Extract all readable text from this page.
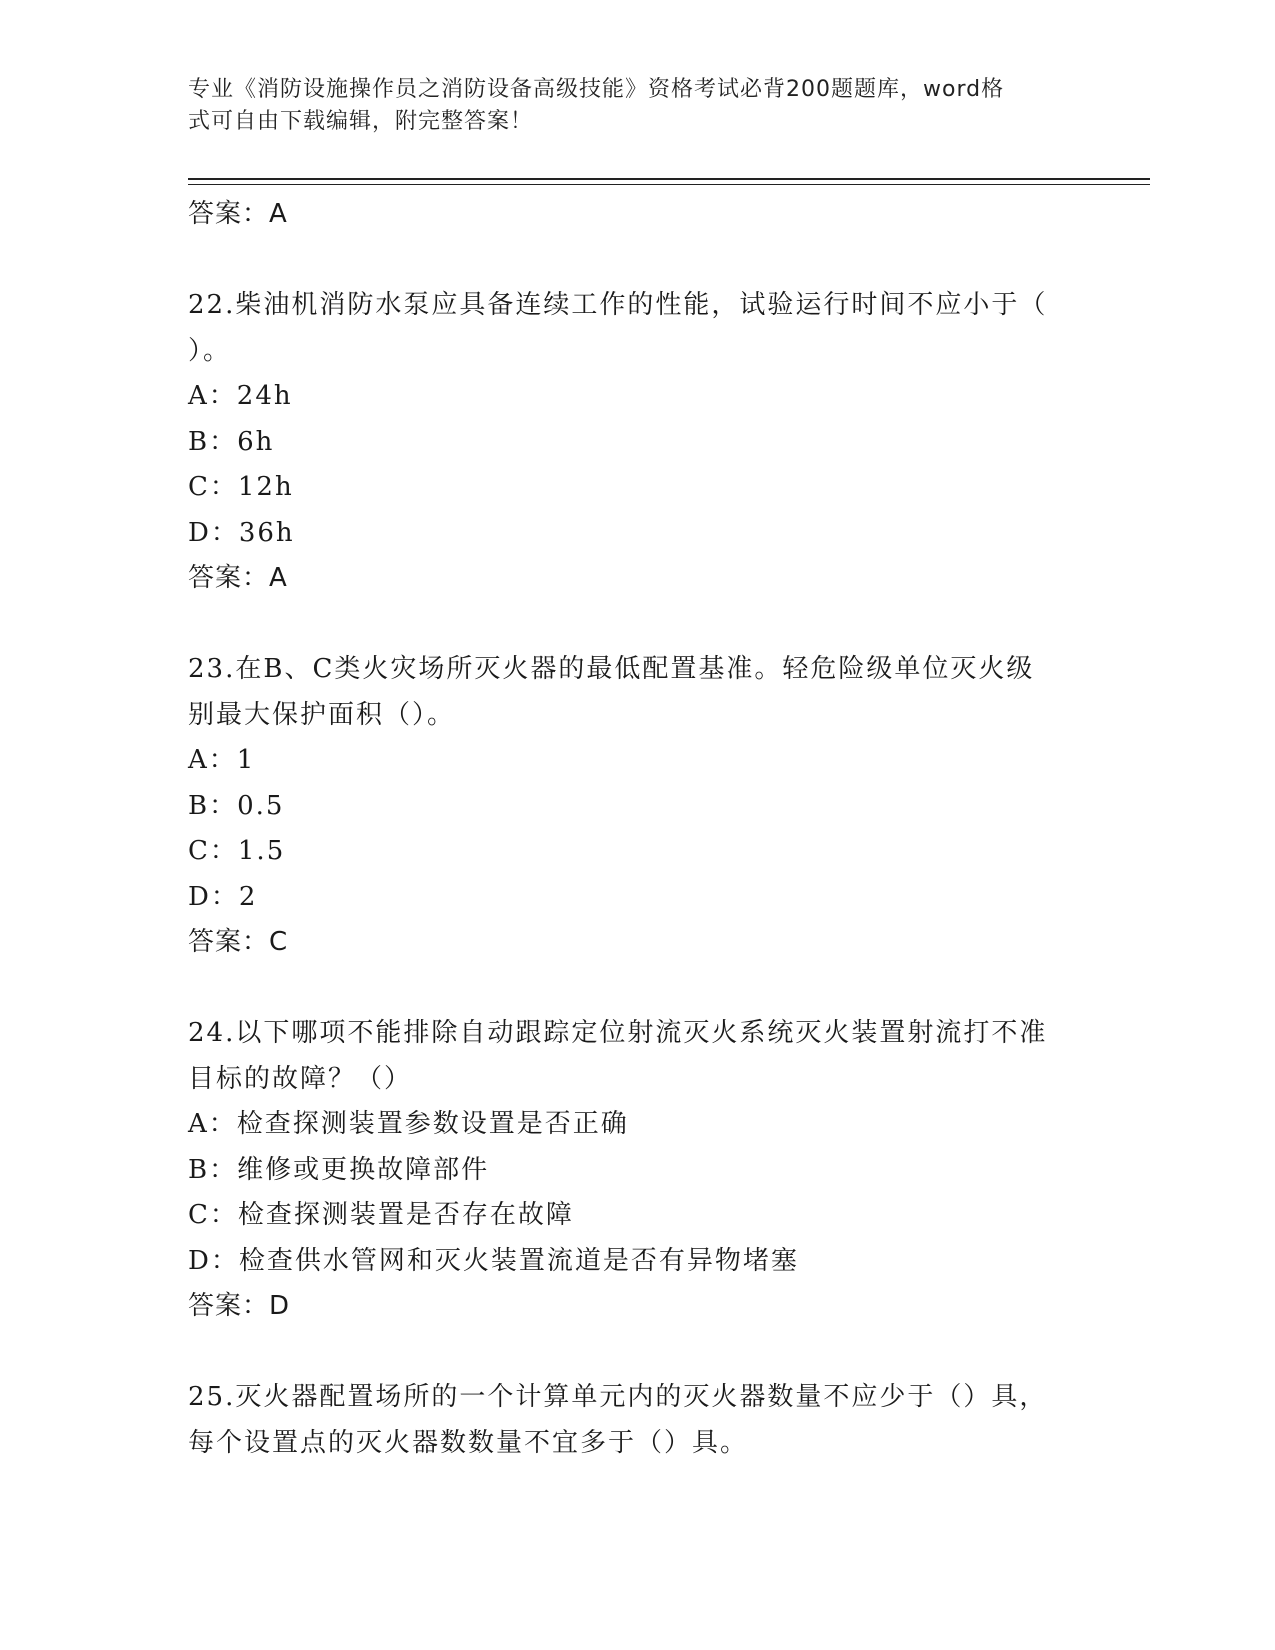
专业《消防设施操作员之消防设备高级技能》资格考试必背200题题库，word格
式可自由下载编辑，附完整答案！
答案：A
22.柴油机消防水泵应具备连续工作的性能，试验运行时间不应小于（
）。
A：24h
B：6h
C：12h
D：36h
答案：A
23.在B、C类火灾场所灭火器的最低配置基准。轻危险级单位灭火级
别最大保护面积（）。
A：1
B：0.5
C：1.5
D：2
答案：C
24.以下哪项不能排除自动跟踪定位射流灭火系统灭火装置射流打不准
目标的故障？（）
A：检查探测装置参数设置是否正确
B：维修或更换故障部件
C：检查探测装置是否存在故障
D：检查供水管网和灭火装置流道是否有异物堵塞
答案：D
25.灭火器配置场所的一个计算单元内的灭火器数量不应少于（）具，
每个设置点的灭火器数数量不宜多于（）具。
